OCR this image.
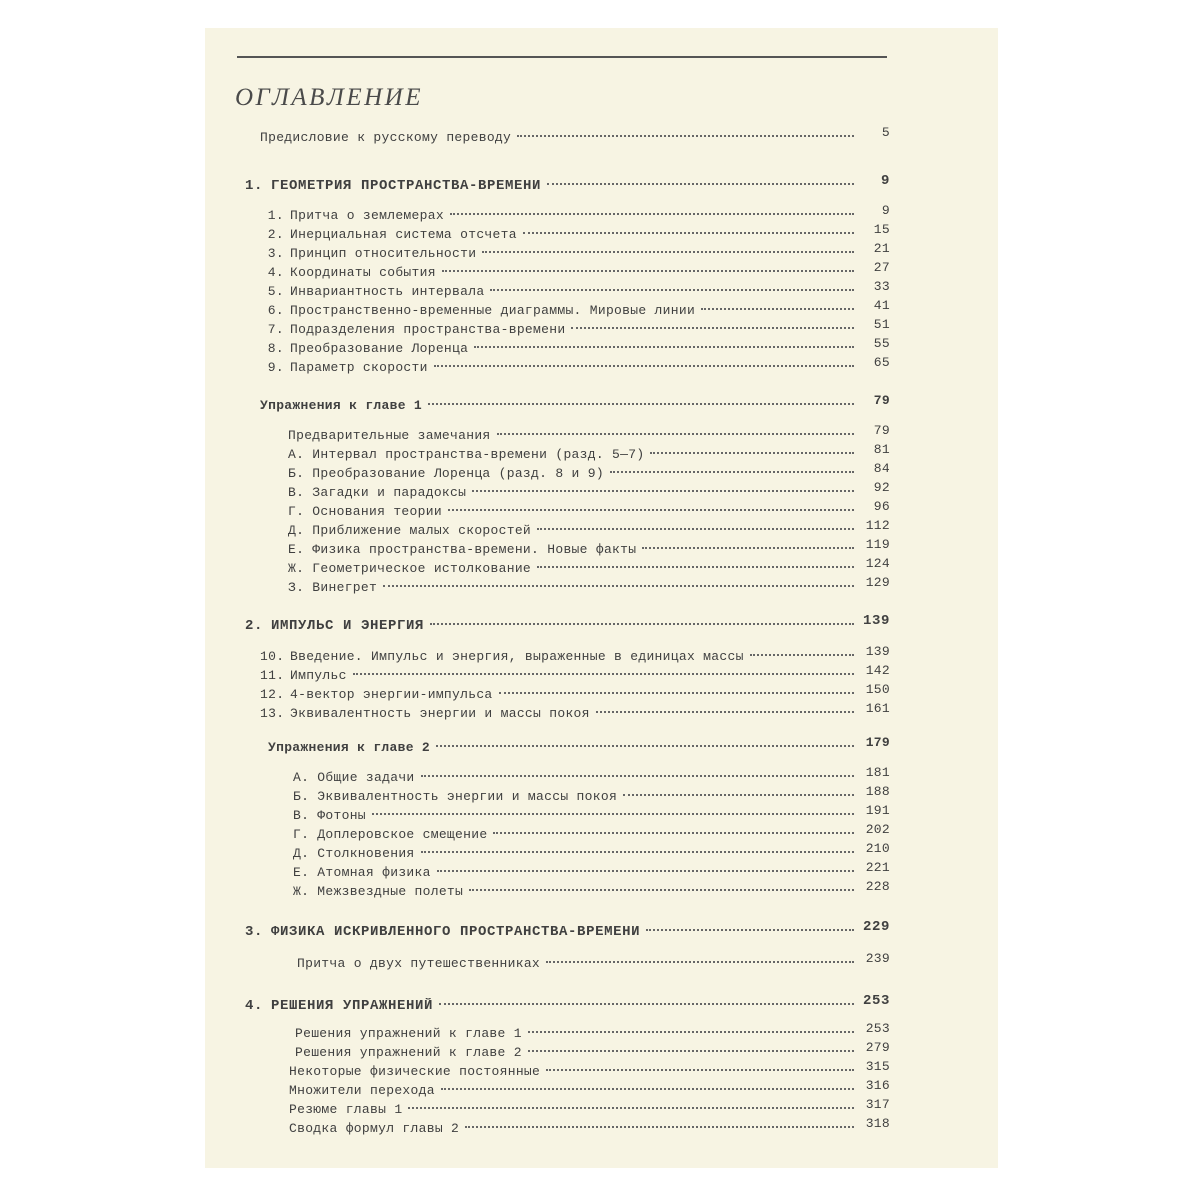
ОГЛАВЛЕНИЕ
Предисловие к русскому переводу	5
1. ГЕОМЕТРИЯ ПРОСТРАНСТВА-ВРЕМЕНИ	9
1. Притча о землемерах	9
2. Инерциальная система отсчета	15
3. Принцип относительности	21
4. Координаты события	27
5. Инвариантность интервала	33
6. Пространственно-временные диаграммы. Мировые линии	41
7. Подразделения пространства-времени	51
8. Преобразование Лоренца	55
9. Параметр скорости	65
Упражнения к главе 1	79
Предварительные замечания	79
А. Интервал пространства-времени (разд. 5—7)	81
Б. Преобразование Лоренца (разд. 8 и 9)	84
В. Загадки и парадоксы	92
Г. Основания теории	96
Д. Приближение малых скоростей	112
Е. Физика пространства-времени. Новые факты	119
Ж. Геометрическое истолкование	124
З. Винегрет	129
2. ИМПУЛЬС И ЭНЕРГИЯ	139
10. Введение. Импульс и энергия, выраженные в единицах массы	139
11. Импульс	142
12. 4-вектор энергии-импульса	150
13. Эквивалентность энергии и массы покоя	161
Упражнения к главе 2	179
А. Общие задачи	181
Б. Эквивалентность энергии и массы покоя	188
В. Фотоны	191
Г. Доплеровское смещение	202
Д. Столкновения	210
Е. Атомная физика	221
Ж. Межзвездные полеты	228
3. ФИЗИКА ИСКРИВЛЕННОГО ПРОСТРАНСТВА-ВРЕМЕНИ	229
Притча о двух путешественниках	239
4. РЕШЕНИЯ УПРАЖНЕНИЙ	253
Решения упражнений к главе 1	253
Решения упражнений к главе 2	279
Некоторые физические постоянные	315
Множители перехода	316
Резюме главы 1	317
Сводка формул главы 2	318
